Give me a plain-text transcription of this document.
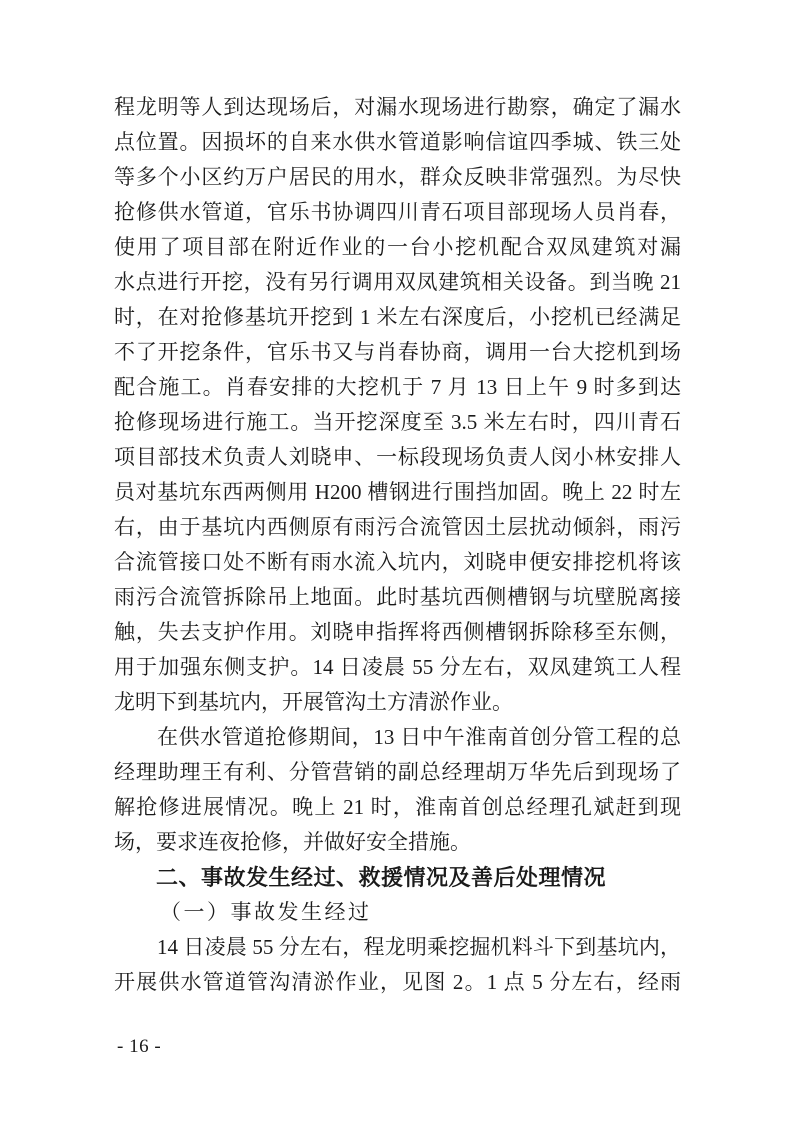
程龙明等人到达现场后，对漏水现场进行勘察，确定了漏水

点位置。因损坏的自来水供水管道影响信谊四季城、铁三处

等多个小区约万户居民的用水，群众反映非常强烈。为尽快

抢修供水管道，官乐书协调四川青石项目部现场人员肖春，

使用了项目部在附近作业的一台小挖机配合双凤建筑对漏

水点进行开挖，没有另行调用双凤建筑相关设备。到当晚 21

时，在对抢修基坑开挖到 1 米左右深度后，小挖机已经满足

不了开挖条件，官乐书又与肖春协商，调用一台大挖机到场

配合施工。肖春安排的大挖机于 7 月 13 日上午 9 时多到达

抢修现场进行施工。当开挖深度至 3.5 米左右时，四川青石

项目部技术负责人刘晓申、一标段现场负责人闵小林安排人

员对基坑东西两侧用 H200 槽钢进行围挡加固。晚上 22 时左

右，由于基坑内西侧原有雨污合流管因土层扰动倾斜，雨污

合流管接口处不断有雨水流入坑内，刘晓申便安排挖机将该

雨污合流管拆除吊上地面。此时基坑西侧槽钢与坑壁脱离接

触，失去支护作用。刘晓申指挥将西侧槽钢拆除移至东侧，

用于加强东侧支护。14 日凌晨 55 分左右，双凤建筑工人程

龙明下到基坑内，开展管沟土方清淤作业。

在供水管道抢修期间，13 日中午淮南首创分管工程的总

经理助理王有利、分管营销的副总经理胡万华先后到现场了

解抢修进展情况。晚上 21 时，淮南首创总经理孔斌赶到现

场，要求连夜抢修，并做好安全措施。

二、事故发生经过、救援情况及善后处理情况
（一）事故发生经过

14 日凌晨 55 分左右，程龙明乘挖掘机料斗下到基坑内，

开展供水管道管沟清淤作业，见图 2。1 点 5 分左右，经雨

- 16 -
